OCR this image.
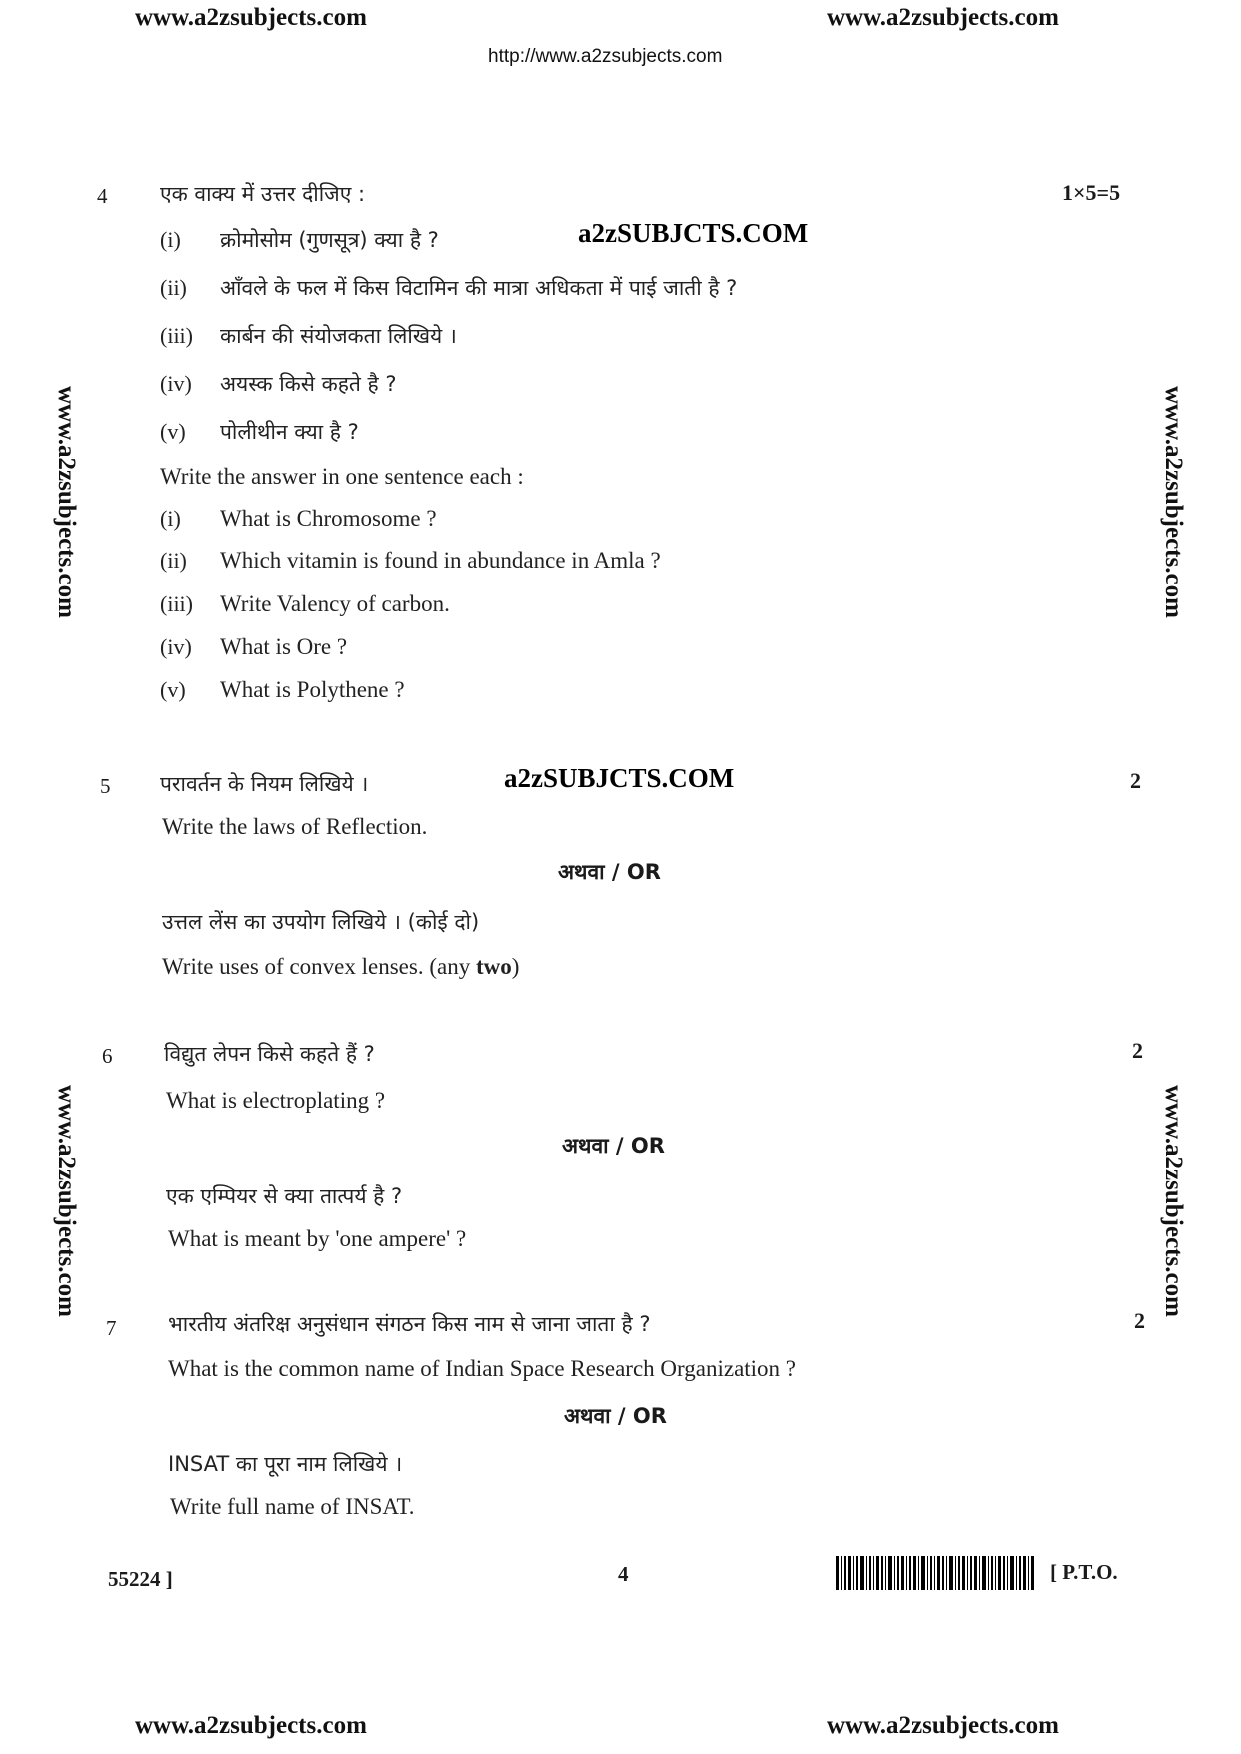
www.a2zsubjects.com	www.a2zsubjects.com
http://www.a2zsubjects.com
www.a2zsubjects.com
www.a2zsubjects.com
www.a2zsubjects.com
www.a2zsubjects.com
4	एक वाक्य में उत्तर दीजिए :	1×5=5
(i) क्रोमोसोम (गुणसूत्र) क्या है ?	a2zSUBJCTS.COM
(ii) आँवले के फल में किस विटामिन की मात्रा अधिकता में पाई जाती है ?
(iii) कार्बन की संयोजकता लिखिये ।
(iv) अयस्क किसे कहते है ?
(v) पोलीथीन क्या है ?
Write the answer in one sentence each :
(i) What is Chromosome ?
(ii) Which vitamin is found in abundance in Amla ?
(iii) Write Valency of carbon.
(iv) What is Ore ?
(v) What is Polythene ?
5 परावर्तन के नियम लिखिये ।	a2zSUBJCTS.COM	2
Write the laws of Reflection.
अथवा / OR
उत्तल लेंस का उपयोग लिखिये । (कोई दो)
Write uses of convex lenses. (any two)
6 विद्युत लेपन किसे कहते हैं ?	2
What is electroplating ?
अथवा / OR
एक एम्पियर से क्या तात्पर्य है ?
What is meant by 'one ampere' ?
7 भारतीय अंतरिक्ष अनुसंधान संगठन किस नाम से जाना जाता है ?	2
What is the common name of Indian Space Research Organization ?
अथवा / OR
INSAT का पूरा नाम लिखिये ।
Write full name of INSAT.
55224 ]	4	[ P.T.O.
www.a2zsubjects.com	www.a2zsubjects.com
